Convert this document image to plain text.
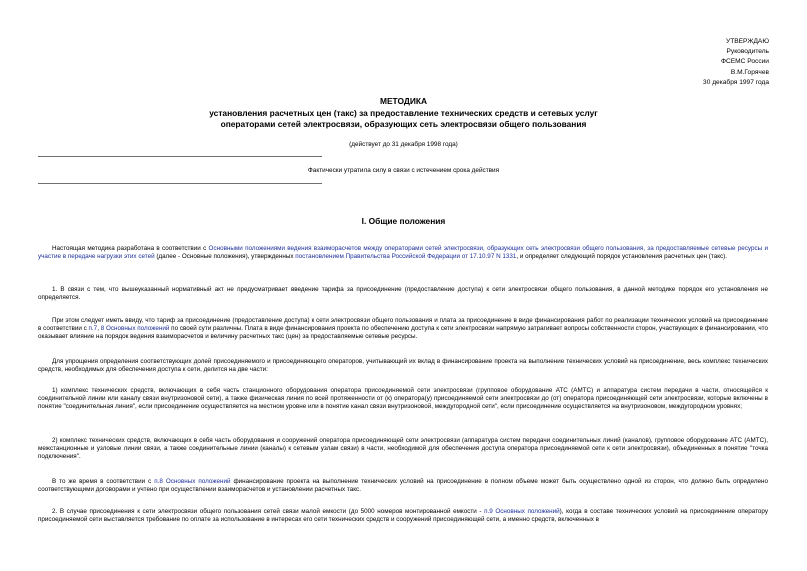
УТВЕРЖДАЮ
Руководитель
ФСЕМС России
В.М.Горячев
30 декабря 1997 года
МЕТОДИКА
установления расчетных цен (такс) за предоставление технических средств и сетевых услуг
операторами сетей электросвязи, образующих сеть электросвязи общего пользования
(действует до 31 декабря 1998 года)
Фактически утратила силу в связи с истечением срока действия
I. Общие положения

Настоящая методика разработана в соответствии с Основными положениями ведения взаиморасчетов между операторами сетей электросвязи, образующих сеть электросвязи общего пользования, за предоставляемые сетевые ресурсы и участие в передаче нагрузки этих сетей (далее - Основные положения), утвержденных постановлением Правительства Российской Федерации от 17.10.97 N 1331, и определяет следующий порядок установления расчетных цен (такс).

1. В связи с тем, что вышеуказанный нормативный акт не предусматривает введение тарифа за присоединение (предоставление доступа) к сети электросвязи общего пользования, в данной методике порядок его установления не определяется.

При этом следует иметь ввиду, что тариф за присоединение (предоставление доступа) к сети электросвязи общего пользования и плата за присоединение в виде финансирования работ по реализации технических условий на присоединение в соответствии с п.7, 8 Основных положений по своей сути различны. Плата в виде финансирования проекта по обеспечению доступа к сети электросвязи напрямую затрагивает вопросы собственности сторон, участвующих в финансировании, что оказывает влияние на порядок ведения взаиморасчетов и величину расчетных такс (цен) за предоставляемые сетевые ресурсы.

Для упрощения определения соответствующих долей присоединяемого и присоединяющего операторов, учитывающий их вклад в финансирование проекта на выполнение технических условий на присоединение, весь комплекс технических средств, необходимых для обеспечения доступа к сети, делится на две части:

1) комплекс технических средств, включающих в себя часть станционного оборудования оператора присоединяемой сети электросвязи (групповое оборудование АТС (АМТС) и аппаратура систем передачи в части, относящейся к соединительной линии или каналу связи внутризоновой сети), а также физическая линия по всей протяженности от (к) оператора(у) присоединяемой сети электросвязи до (от) оператора присоединяющей сети электросвязи, которые включены в понятие "соединительная линия", если присоединение осуществляется на местном уровне или в понятие канал связи внутризоновой, междугородной сети", если присоединение осуществляется на внутризоновом, междугородном уровнях;

2) комплекс технических средств, включающих в себя часть оборудования и сооружений оператора присоединяющей сети электросвязи (аппаратура систем передачи соединительных линий (каналов), групповое оборудование АТС (АМТС), межстанционные и узловые линии связи, а также соединительные линии (каналы) к сетевым узлам связи) в части, необходимой для обеспечения доступа оператора присоединяемой сети к сети электросвязи), объединенных в понятие "точка подключения".

В то же время в соответствии с п.8 Основных положений финансирование проекта на выполнение технических условий на присоединение в полном объеме может быть осуществлено одной из сторон, что должно быть определено соответствующими договорами и учтено при осуществлении взаиморасчетов и установлении расчетных такс.

2. В случае присоединения к сети электросвязи общего пользования сетей связи малой емкости (до 5000 номеров монтированной емкости - п.9 Основных положений), когда в составе технических условий на присоединение оператору присоединяемой сети выставляется требование по оплате за использование в интересах его сети технических средств и сооружений присоединяющей сети, а именно средств, включенных в
